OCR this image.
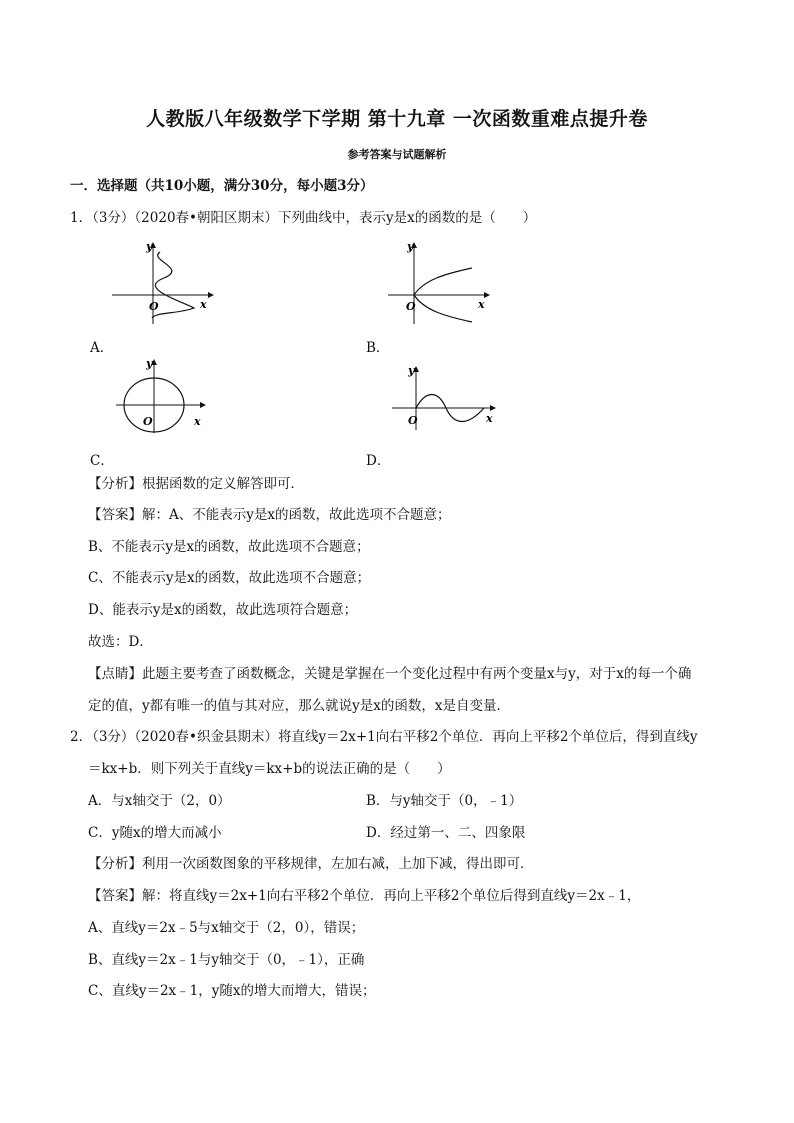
人教版八年级数学下学期 第十九章 一次函数重难点提升卷
参考答案与试题解析
一．选择题（共10小题，满分30分，每小题3分）
1．（3分）（2020春•朝阳区期末）下列曲线中，表示y是x的函数的是（　　）
y
O	x
A．
y
O	x
B．
y
O	x
C．
y
O	x
D．
【分析】根据函数的定义解答即可．
【答案】解：A、不能表示y是x的函数，故此选项不合题意；
B、不能表示y是x的函数，故此选项不合题意；
C、不能表示y是x的函数，故此选项不合题意；
D、能表示y是x的函数，故此选项符合题意；
故选：D．
【点睛】此题主要考查了函数概念，关键是掌握在一个变化过程中有两个变量x与y，对于x的每一个确
定的值，y都有唯一的值与其对应，那么就说y是x的函数，x是自变量．
2．（3分）（2020春•织金县期末）将直线y＝2x+1向右平移2个单位．再向上平移2个单位后，得到直线y
＝kx+b．则下列关于直线y＝kx+b的说法正确的是（　　）
A．与x轴交于（2，0）	B．与y轴交于（0，﹣1）
C．y随x的增大而减小	D．经过第一、二、四象限
【分析】利用一次函数图象的平移规律，左加右减，上加下减，得出即可．
【答案】解：将直线y＝2x+1向右平移2个单位．再向上平移2个单位后得到直线y＝2x﹣1，
A、直线y＝2x﹣5与x轴交于（2，0），错误；
B、直线y＝2x﹣1与y轴交于（0，﹣1），正确
C、直线y＝2x﹣1，y随x的增大而增大，错误；
